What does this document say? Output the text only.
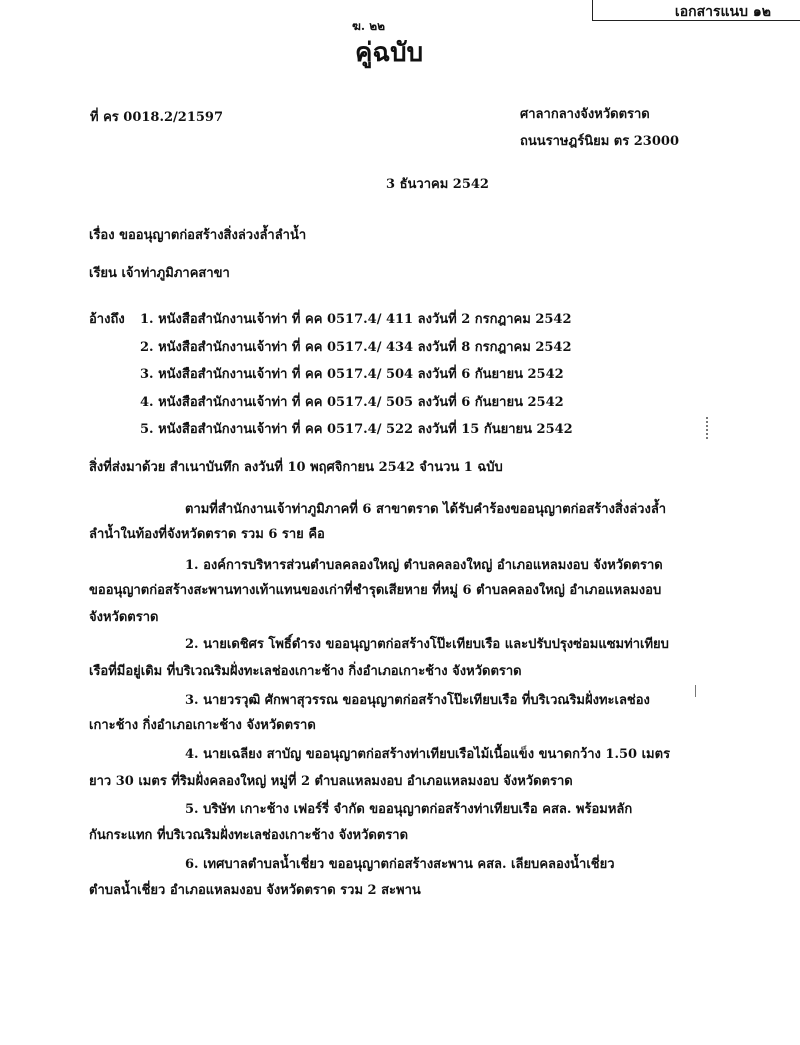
เอกสารแนบ ๑๒
ฆ. ๒๒
คู่ฉบับ
ที่ คร 0018.2/21597	ศาลากลางจังหวัดตราด
ถนนราษฎร์นิยม ตร 23000
3 ธันวาคม 2542
เรื่อง ขออนุญาตก่อสร้างสิ่งล่วงล้ำลำน้ำ
เรียน เจ้าท่าภูมิภาคสาขา
อ้างถึง 1. หนังสือสำนักงานเจ้าท่า ที่ คค 0517.4/ 411 ลงวันที่ 2 กรกฎาคม 2542
2. หนังสือสำนักงานเจ้าท่า ที่ คค 0517.4/ 434 ลงวันที่ 8 กรกฎาคม 2542
3. หนังสือสำนักงานเจ้าท่า ที่ คค 0517.4/ 504 ลงวันที่ 6 กันยายน 2542
4. หนังสือสำนักงานเจ้าท่า ที่ คค 0517.4/ 505 ลงวันที่ 6 กันยายน 2542
5. หนังสือสำนักงานเจ้าท่า ที่ คค 0517.4/ 522 ลงวันที่ 15 กันยายน 2542
สิ่งที่ส่งมาด้วย สำเนาบันทึก ลงวันที่ 10 พฤศจิกายน 2542 จำนวน 1 ฉบับ
ตามที่สำนักงานเจ้าท่าภูมิภาคที่ 6 สาขาตราด ได้รับคำร้องขออนุญาตก่อสร้างสิ่งล่วงล้ำ
ลำน้ำในท้องที่จังหวัดตราด รวม 6 ราย คือ
1. องค์การบริหารส่วนตำบลคลองใหญ่ ตำบลคลองใหญ่ อำเภอแหลมงอบ จังหวัดตราด
ขออนุญาตก่อสร้างสะพานทางเท้าแทนของเก่าที่ชำรุดเสียหาย ที่หมู่ 6 ตำบลคลองใหญ่ อำเภอแหลมงอบ
จังหวัดตราด
2. นายเดชิศร โพธิ์ดำรง ขออนุญาตก่อสร้างโป๊ะเทียบเรือ และปรับปรุงซ่อมแซมท่าเทียบ
เรือที่มีอยู่เดิม ที่บริเวณริมฝั่งทะเลช่องเกาะช้าง กิ่งอำเภอเกาะช้าง จังหวัดตราด
3. นายวรวุฒิ ศักพาสุวรรณ ขออนุญาตก่อสร้างโป๊ะเทียบเรือ ที่บริเวณริมฝั่งทะเลช่อง
เกาะช้าง กิ่งอำเภอเกาะช้าง จังหวัดตราด
4. นายเฉลียง สาบัญ ขออนุญาตก่อสร้างท่าเทียบเรือไม้เนื้อแข็ง ขนาดกว้าง 1.50 เมตร
ยาว 30 เมตร ที่ริมฝั่งคลองใหญ่ หมู่ที่ 2 ตำบลแหลมงอบ อำเภอแหลมงอบ จังหวัดตราด
5. บริษัท เกาะช้าง เฟอร์รี่ จำกัด ขออนุญาตก่อสร้างท่าเทียบเรือ คสล. พร้อมหลัก
กันกระแทก ที่บริเวณริมฝั่งทะเลช่องเกาะช้าง จังหวัดตราด
6. เทศบาลตำบลน้ำเชี่ยว ขออนุญาตก่อสร้างสะพาน คสล. เลียบคลองน้ำเชี่ยว
ตำบลน้ำเชี่ยว อำเภอแหลมงอบ จังหวัดตราด รวม 2 สะพาน
